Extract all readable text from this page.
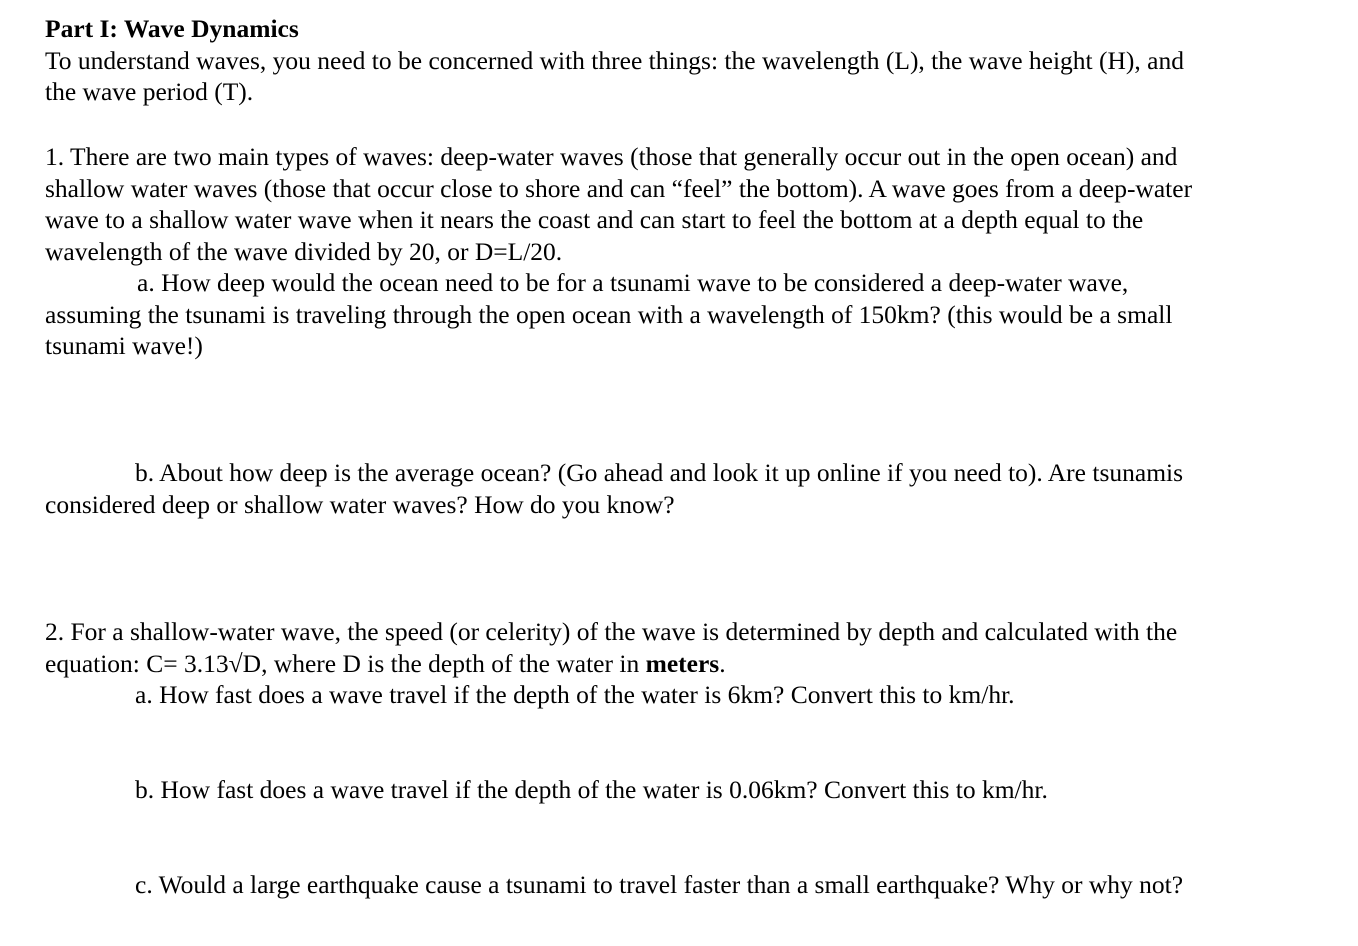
Part I: Wave Dynamics
To understand waves, you need to be concerned with three things: the wavelength (L), the wave height (H), and
the wave period (T).
1. There are two main types of waves: deep-water waves (those that generally occur out in the open ocean) and
shallow water waves (those that occur close to shore and can “feel” the bottom). A wave goes from a deep-water
wave to a shallow water wave when it nears the coast and can start to feel the bottom at a depth equal to the
wavelength of the wave divided by 20, or D=L/20.
a. How deep would the ocean need to be for a tsunami wave to be considered a deep-water wave,
assuming the tsunami is traveling through the open ocean with a wavelength of 150km? (this would be a small
tsunami wave!)
b. About how deep is the average ocean? (Go ahead and look it up online if you need to). Are tsunamis
considered deep or shallow water waves? How do you know?
2. For a shallow-water wave, the speed (or celerity) of the wave is determined by depth and calculated with the
equation: C= 3.13√D, where D is the depth of the water in meters.
a. How fast does a wave travel if the depth of the water is 6km? Convert this to km/hr.
b. How fast does a wave travel if the depth of the water is 0.06km? Convert this to km/hr.
c. Would a large earthquake cause a tsunami to travel faster than a small earthquake? Why or why not?
